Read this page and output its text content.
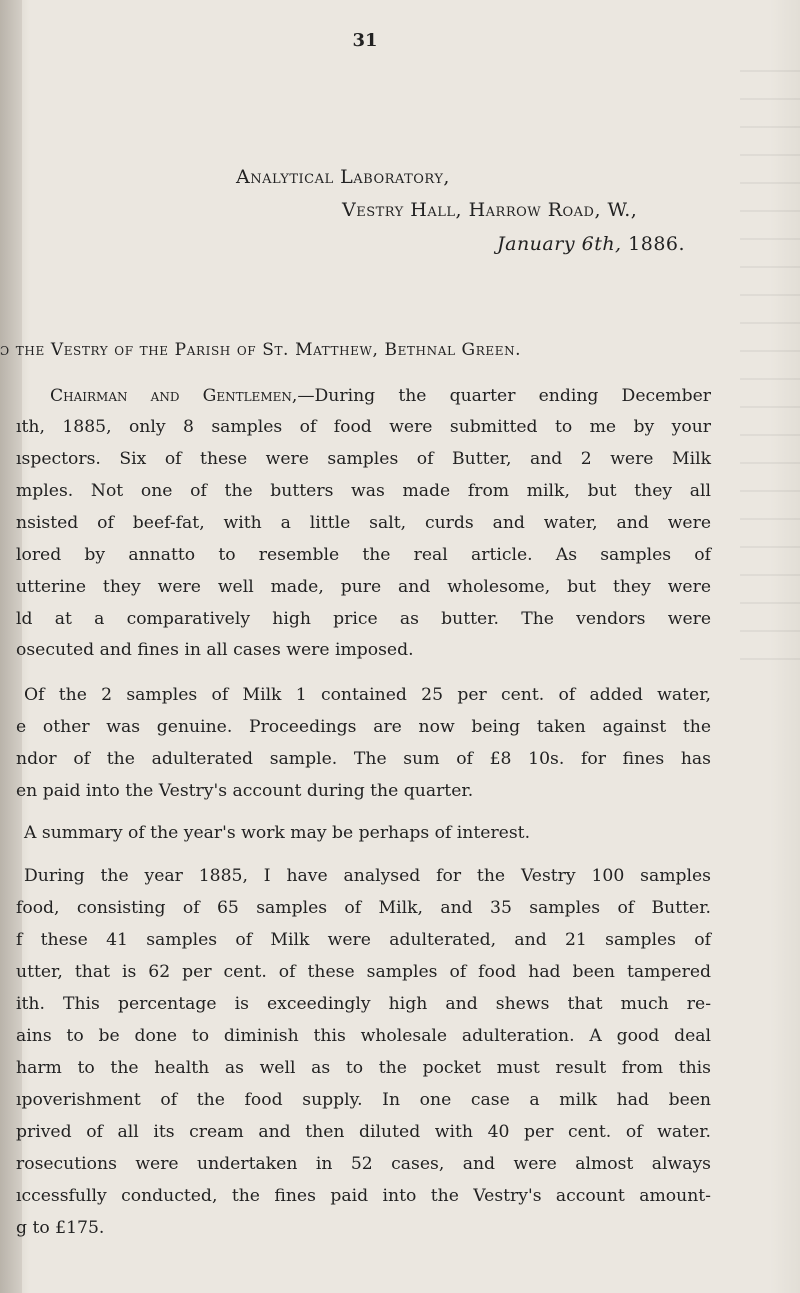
31
Analytical Laboratory,
Vestry Hall, Harrow Road, W.,
January 6th, 1886.
ɔ the Vestry of the Parish of St. Matthew, Bethnal Green.
Chairman and Gentlemen,—During the quarter ending December
ıth, 1885, only 8 samples of food were submitted to me by your
ıspectors. Six of these were samples of Butter, and 2 were Milk
mples. Not one of the butters was made from milk, but they all
nsisted of beef-fat, with a little salt, curds and water, and were
lored by annatto to resemble the real article. As samples of
utterine they were well made, pure and wholesome, but they were
ld at a comparatively high price as butter. The vendors were
osecuted and fines in all cases were imposed.
Of the 2 samples of Milk 1 contained 25 per cent. of added water,
e other was genuine. Proceedings are now being taken against the
ndor of the adulterated sample. The sum of £8 10s. for fines has
en paid into the Vestry's account during the quarter.
A summary of the year's work may be perhaps of interest.
During the year 1885, I have analysed for the Vestry 100 samples
food, consisting of 65 samples of Milk, and 35 samples of Butter.
f these 41 samples of Milk were adulterated, and 21 samples of
utter, that is 62 per cent. of these samples of food had been tampered
ith. This percentage is exceedingly high and shews that much re-
ains to be done to diminish this wholesale adulteration. A good deal
harm to the health as well as to the pocket must result from this
ıpoverishment of the food supply. In one case a milk had been
prived of all its cream and then diluted with 40 per cent. of water.
rosecutions were undertaken in 52 cases, and were almost always
ıccessfully conducted, the fines paid into the Vestry's account amount-
g to £175.
